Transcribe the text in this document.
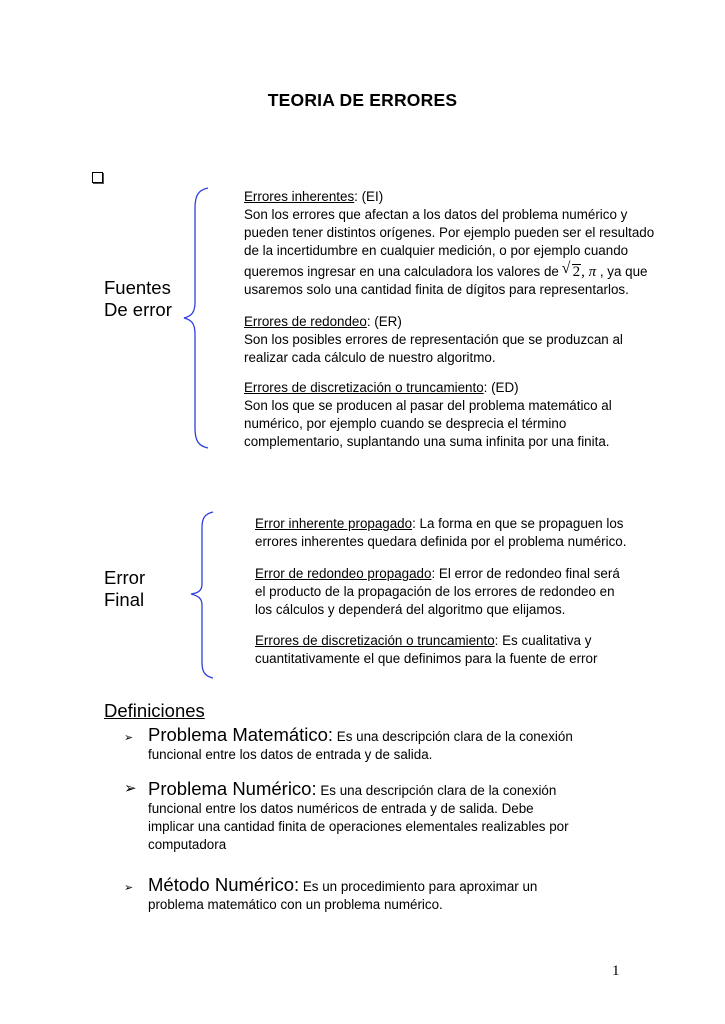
TEORIA DE ERRORES
Fuentes
De error
Errores inherentes: (EI)
Son los errores que afectan a los datos del problema numérico y
pueden tener distintos orígenes. Por ejemplo pueden ser el resultado
de la incertidumbre en cualquier medición, o por ejemplo cuando
queremos ingresar en una calculadora los valores de √ 2, π , ya que
usaremos solo una cantidad finita de dígitos para representarlos.
Errores de redondeo: (ER)
Son los posibles errores de representación que se produzcan al
realizar cada cálculo de nuestro algoritmo.
Errores de discretización o truncamiento: (ED)
Son los que se producen al pasar del problema matemático al
numérico, por ejemplo cuando se desprecia el término
complementario, suplantando una suma infinita por una finita.
Error
Final
Error inherente propagado: La forma en que se propaguen los
errores inherentes quedara definida por el problema numérico.
Error de redondeo propagado: El error de redondeo final será
el producto de la propagación de los errores de redondeo en
los cálculos y dependerá del algoritmo que elijamos.
Errores de discretización o truncamiento: Es cualitativa y
cuantitativamente el que definimos para la fuente de error
Definiciones
➢ Problema Matemático: Es una descripción clara de la conexión
funcional entre los datos de entrada y de salida.
➢ Problema Numérico: Es una descripción clara de la conexión
funcional entre los datos numéricos de entrada y de salida. Debe
implicar una cantidad finita de operaciones elementales realizables por
computadora
➢ Método Numérico: Es un procedimiento para aproximar un
problema matemático con un problema numérico.
1
